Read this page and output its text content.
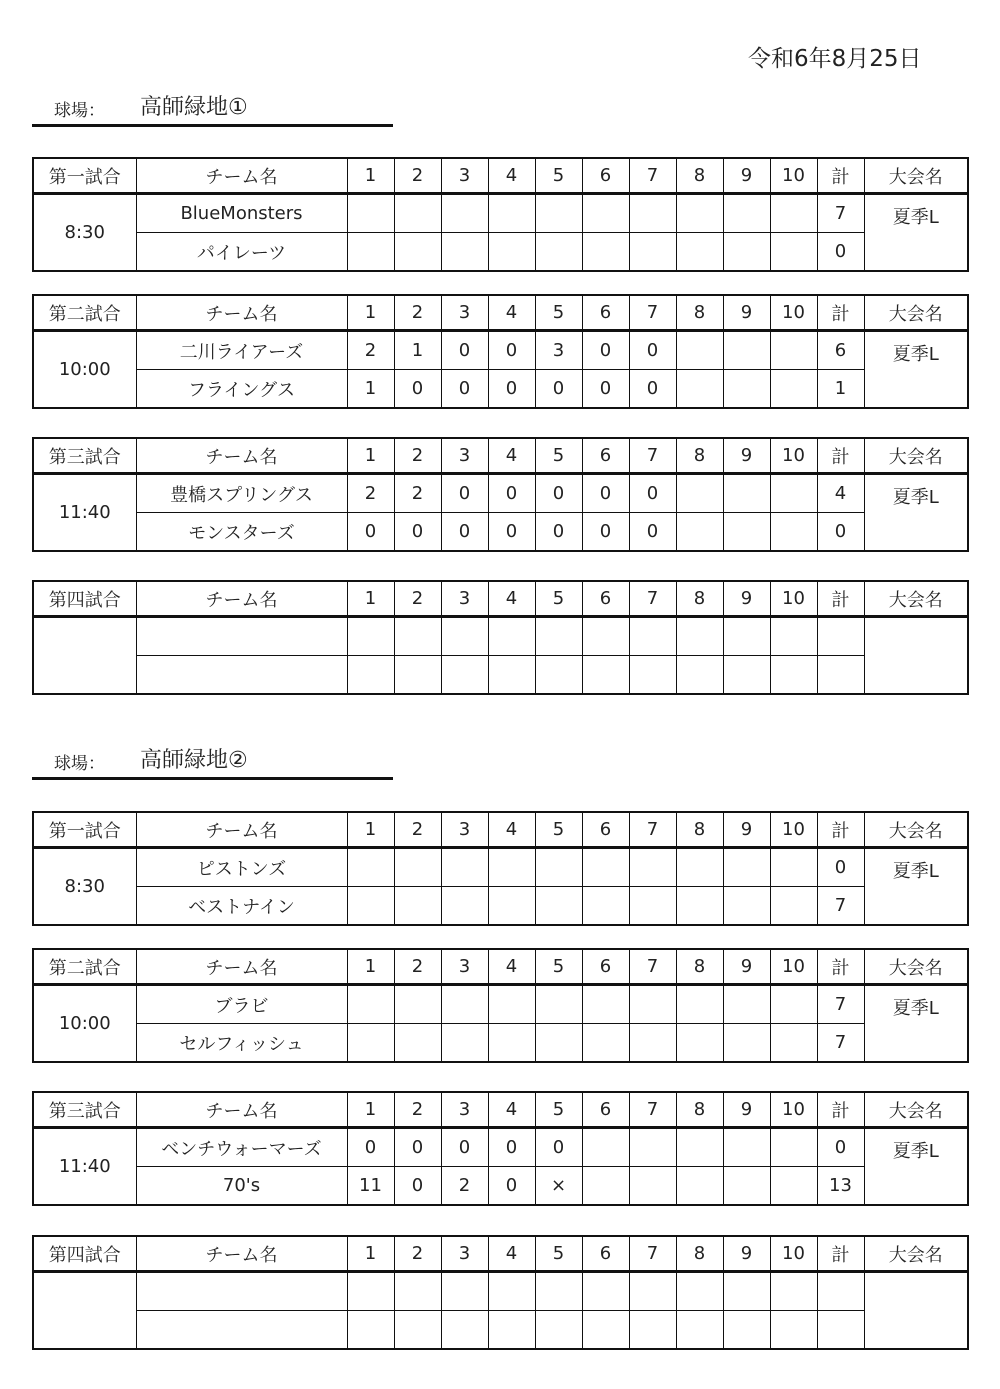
令和6年8月25日
球場： 高師緑地①
第一試合	チーム名	1	2	3	4	5	6	7	8	9	10	計	大会名
8:30	BlueMonsters											7	夏季L
	パイレーツ											0	
第二試合	チーム名	1	2	3	4	5	6	7	8	9	10	計	大会名
10:00	二川ライアーズ	2	1	0	0	3	0	0				6	夏季L
	フライングス	1	0	0	0	0	0	0				1	
第三試合	チーム名	1	2	3	4	5	6	7	8	9	10	計	大会名
11:40	豊橋スプリングス	2	2	0	0	0	0	0				4	夏季L
	モンスターズ	0	0	0	0	0	0	0				0	
第四試合	チーム名	1	2	3	4	5	6	7	8	9	10	計	大会名

球場： 高師緑地②
第一試合	チーム名	1	2	3	4	5	6	7	8	9	10	計	大会名
8:30	ピストンズ											0	夏季L
	ベストナイン											7	
第二試合	チーム名	1	2	3	4	5	6	7	8	9	10	計	大会名
10:00	ブラビ											7	夏季L
	セルフィッシュ											7	
第三試合	チーム名	1	2	3	4	5	6	7	8	9	10	計	大会名
11:40	ベンチウォーマーズ	0	0	0	0	0						0	夏季L
	70's	11	0	2	0	×						13	
第四試合	チーム名	1	2	3	4	5	6	7	8	9	10	計	大会名
